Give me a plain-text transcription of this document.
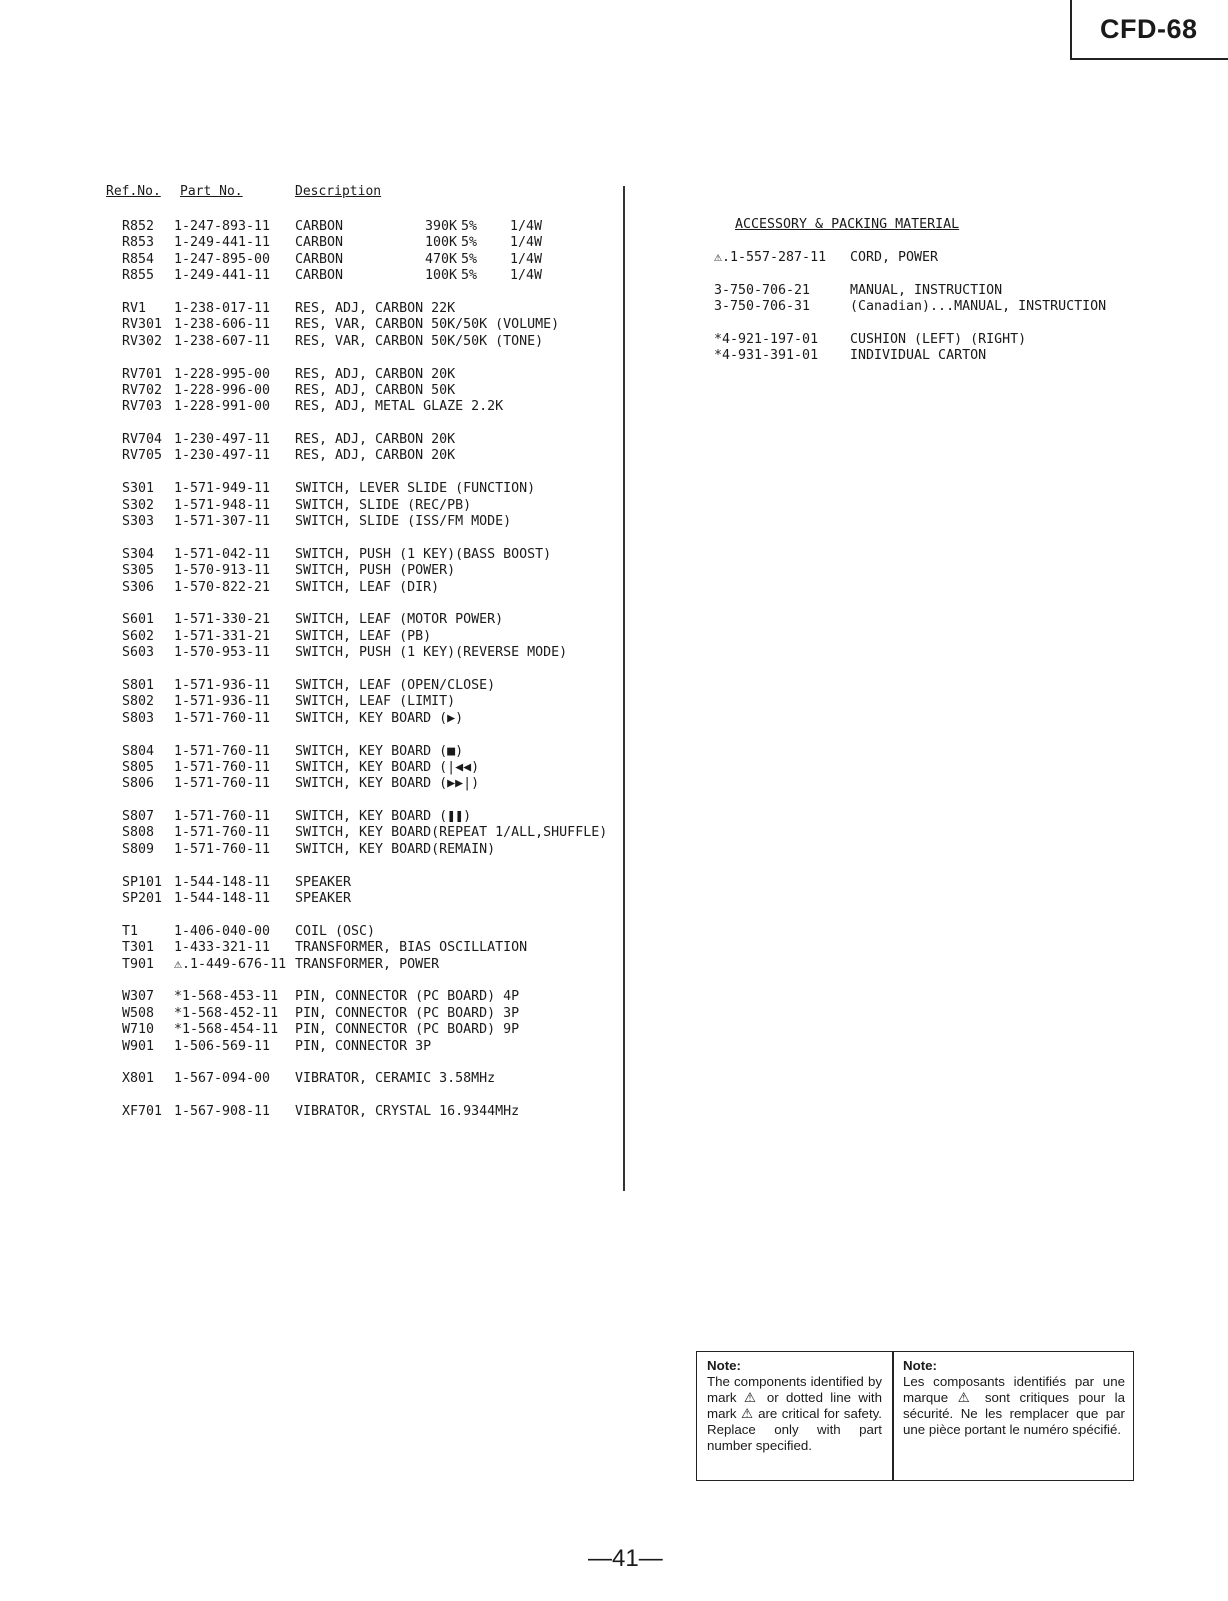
CFD-68
Ref.No. Part No.	Description
R852 1-247-893-11 CARBON	390K 5% 1/4W
R853 1-249-441-11 CARBON	100K 5% 1/4W
R854 1-247-895-00 CARBON	470K 5% 1/4W
R855 1-249-441-11 CARBON	100K 5% 1/4W
RV1 1-238-017-11 RES, ADJ, CARBON 22K
RV301 1-238-606-11 RES, VAR, CARBON 50K/50K (VOLUME)
RV302 1-238-607-11 RES, VAR, CARBON 50K/50K (TONE)
RV701 1-228-995-00 RES, ADJ, CARBON 20K
RV702 1-228-996-00 RES, ADJ, CARBON 50K
RV703 1-228-991-00 RES, ADJ, METAL GLAZE 2.2K
RV704 1-230-497-11 RES, ADJ, CARBON 20K
RV705 1-230-497-11 RES, ADJ, CARBON 20K
S301 1-571-949-11 SWITCH, LEVER SLIDE (FUNCTION)
S302 1-571-948-11 SWITCH, SLIDE (REC/PB)
S303 1-571-307-11 SWITCH, SLIDE (ISS/FM MODE)
S304 1-571-042-11 SWITCH, PUSH (1 KEY)(BASS BOOST)
S305 1-570-913-11 SWITCH, PUSH (POWER)
S306 1-570-822-21 SWITCH, LEAF (DIR)
S601 1-571-330-21 SWITCH, LEAF (MOTOR POWER)
S602 1-571-331-21 SWITCH, LEAF (PB)
S603 1-570-953-11 SWITCH, PUSH (1 KEY)(REVERSE MODE)
S801 1-571-936-11 SWITCH, LEAF (OPEN/CLOSE)
S802 1-571-936-11 SWITCH, LEAF (LIMIT)
S803 1-571-760-11 SWITCH, KEY BOARD (▶)
S804 1-571-760-11 SWITCH, KEY BOARD (■)
S805 1-571-760-11 SWITCH, KEY BOARD (|◀◀)
S806 1-571-760-11 SWITCH, KEY BOARD (▶▶|)
S807 1-571-760-11 SWITCH, KEY BOARD (❚❚)
S808 1-571-760-11 SWITCH, KEY BOARD(REPEAT 1/ALL,SHUFFLE)
S809 1-571-760-11 SWITCH, KEY BOARD(REMAIN)
SP101 1-544-148-11 SPEAKER
SP201 1-544-148-11 SPEAKER
T1	1-406-040-00 COIL (OSC)
T301 1-433-321-11 TRANSFORMER, BIAS OSCILLATION
T901 ⚠.1-449-676-11 TRANSFORMER, POWER
W307 *1-568-453-11 PIN, CONNECTOR (PC BOARD) 4P
W508 *1-568-452-11 PIN, CONNECTOR (PC BOARD) 3P
W710 *1-568-454-11 PIN, CONNECTOR (PC BOARD) 9P
W901 1-506-569-11 PIN, CONNECTOR 3P
X801 1-567-094-00 VIBRATOR, CERAMIC 3.58MHz
XF701 1-567-908-11 VIBRATOR, CRYSTAL 16.9344MHz
ACCESSORY & PACKING MATERIAL
⚠.1-557-287-11 CORD, POWER
3-750-706-21	MANUAL, INSTRUCTION
3-750-706-31	(Canadian)...MANUAL, INSTRUCTION
*4-921-197-01 CUSHION (LEFT) (RIGHT)
*4-931-391-01 INDIVIDUAL CARTON
Note:
The components identified by mark ⚠ or dotted line with mark ⚠ are critical for safety. Replace only with part number specified.
Note:
Les composants identifiés par une marque ⚠ sont critiques pour la sécurité. Ne les remplacer que par une pièce portant le numéro spécifié.
—41—
